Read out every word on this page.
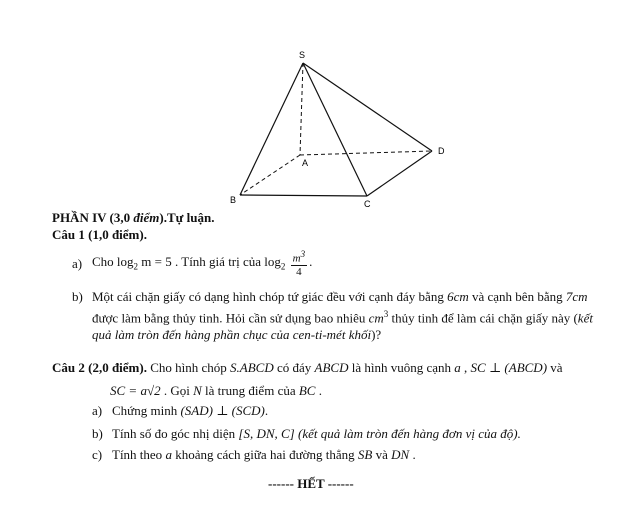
S
A
B	C
D
PHẦN IV (3,0 điểm).Tự luận.
Câu 1 (1,0 điểm).
a) Cho $\log_2 m = 5$ . Tính giá trị của $\log_2 \frac{m^3}{4}$ .
b) Một cái chặn giấy có dạng hình chóp tứ giác đều với cạnh đáy bằng 6cm và cạnh bên bằng 7cm
được làm bằng thủy tinh. Hỏi cần sử dụng bao nhiêu $cm^3$ thủy tinh để làm cái chặn giấy này (kết
quả làm tròn đến hàng phần chục của cen-ti-mét khối)?
Câu 2 (2,0 điểm). Cho hình chóp S.ABCD có đáy ABCD là hình vuông cạnh a , SC ⊥ (ABCD) và
SC = a√2 . Gọi N là trung điểm của BC .
a) Chứng minh (SAD) ⊥ (SCD).
b) Tính số đo góc nhị diện [S, DN, C] (kết quả làm tròn đến hàng đơn vị của độ).
c) Tính theo a khoảng cách giữa hai đường thẳng SB và DN .
------ HẾT ------
